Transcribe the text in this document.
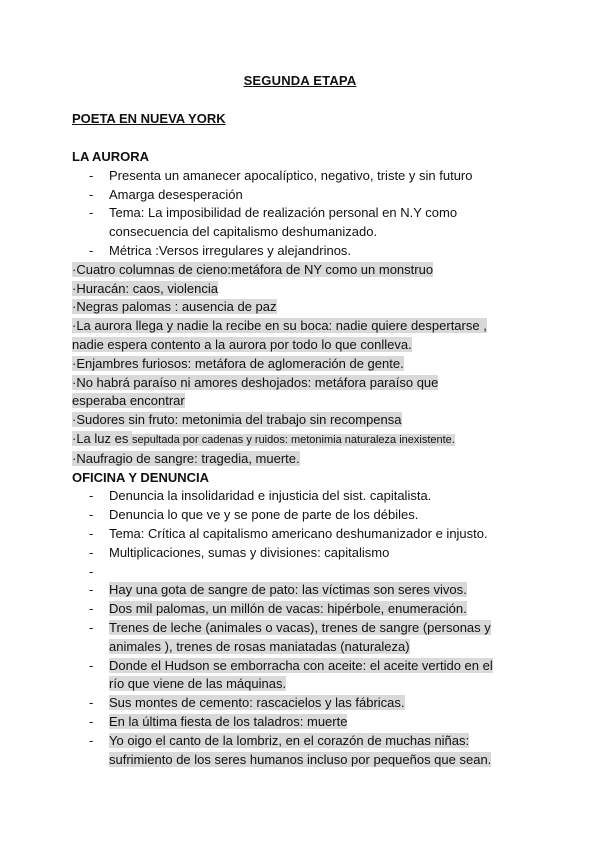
SEGUNDA ETAPA
POETA EN NUEVA YORK
LA AURORA
- Presenta un amanecer apocalíptico, negativo, triste y sin futuro
- Amarga desesperación
- Tema: La imposibilidad de realización personal en N.Y como
consecuencia del capitalismo deshumanizado.
- Métrica :Versos irregulares y alejandrinos.
·Cuatro columnas de cieno:metáfora de NY como un monstruo
·Huracán: caos, violencia
·Negras palomas : ausencia de paz
·La aurora llega y nadie la recibe en su boca: nadie quiere despertarse ,
nadie espera contento a la aurora por todo lo que conlleva.
·Enjambres furiosos: metáfora de aglomeración de gente.
·No habrá paraíso ni amores deshojados: metáfora paraíso que
esperaba encontrar
·Sudores sin fruto: metonimia del trabajo sin recompensa
·La luz es sepultada por cadenas y ruidos: metonimia naturaleza inexistente.
·Naufragio de sangre: tragedia, muerte.
OFICINA Y DENUNCIA
- Denuncia la insolidaridad e injusticia del sist. capitalista.
- Denuncia lo que ve y se pone de parte de los débiles.
- Tema: Crítica al capitalismo americano deshumanizador e injusto.
- Multiplicaciones, sumas y divisiones: capitalismo
-
- Hay una gota de sangre de pato: las víctimas son seres vivos.
- Dos mil palomas, un millón de vacas: hipérbole, enumeración.
- Trenes de leche (animales o vacas), trenes de sangre (personas y
animales ), trenes de rosas maniatadas (naturaleza)
- Donde el Hudson se emborracha con aceite: el aceite vertido en el
río que viene de las máquinas.
- Sus montes de cemento: rascacielos y las fábricas.
- En la última fiesta de los taladros: muerte
- Yo oigo el canto de la lombriz, en el corazón de muchas niñas:
sufrimiento de los seres humanos incluso por pequeños que sean.
